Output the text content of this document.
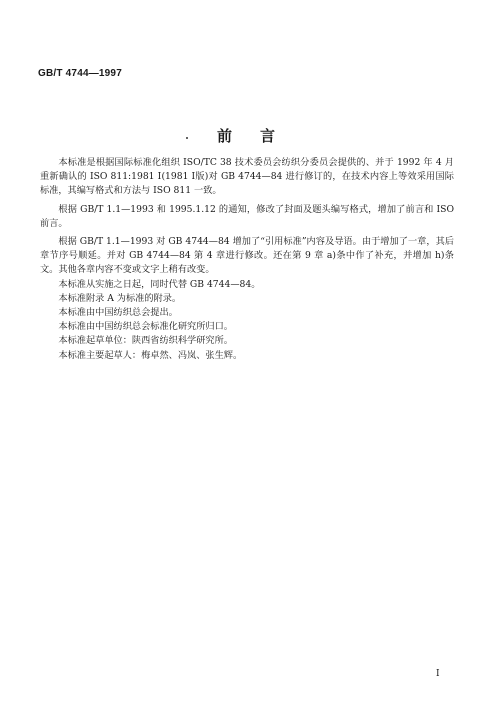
GB/T 4744—1997
前言

本标准是根据国际标准化组织 ISO/TC 38 技术委员会纺织分委员会提供的、并于 1992 年 4 月重新确认的 ISO 811:1981 Ⅰ(1981 Ⅰ版)对 GB 4744—84 进行修订的，在技术内容上等效采用国际标准，其编写格式和方法与 ISO 811 一致。

根据 GB/T 1.1—1993 和 1995.1.12 的通知，修改了封面及题头编写格式，增加了前言和 ISO 前言。

根据 GB/T 1.1—1993 对 GB 4744—84 增加了“引用标准”内容及导语。由于增加了一章，其后章节序号顺延。并对 GB 4744—84 第 4 章进行修改。还在第 9 章 a)条中作了补充，并增加 h)条文。其他各章内容不变或文字上稍有改变。

本标准从实施之日起，同时代替 GB 4744—84。

本标准附录 A 为标准的附录。

本标准由中国纺织总会提出。

本标准由中国纺织总会标准化研究所归口。

本标准起草单位：陕西省纺织科学研究所。

本标准主要起草人：梅卓然、冯岚、张生辉。

Ⅰ
